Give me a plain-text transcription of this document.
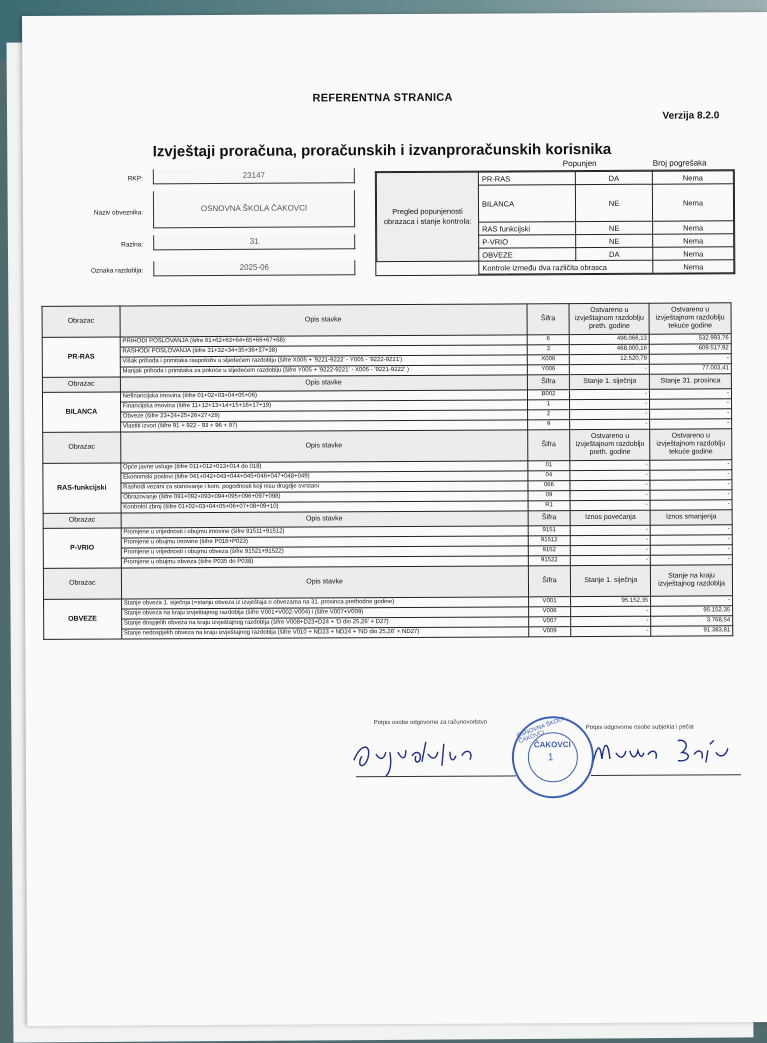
REFERENTNA STRANICA
Verzija 8.2.0
Izvještaji proračuna, proračunskih i izvanproračunskih korisnika
RKP:	23147
Naziv obveznika:	OSNOVNA ŠKOLA ČAKOVCI
Razina:	31
Oznaka razdoblja:	2025-06
Popunjen	Broj pogrešaka
Pregled popunjenosti obrazaca i stanje kontrola:	PR-RAS	DA	Nema
	BILANCA	NE	Nema
	RAS funkcijski	NE	Nema
	P-VRIO	NE	Nema
	OBVEZE	DA	Nema
	Kontrole između dva različita obrasca		Nema
Obrazac	Opis stavke	Šifra	Ostvareno u izvještajnom razdoblju preth. godine	Ostvareno u izvještajnom razdoblju tekuće godine
PR-RAS	PRIHODI POSLOVANJA (šifre 61+62+63+64+65+66+67+68)	6	496.066,13	532.993,76
	RASHODI POSLOVANJA (šifre 31+32+34+35+36+37+38)	3	468.000,16	609.517,92
	Višak prihoda i primitaka raspoloživ u sljedećem razdoblju (šifre X005 + '9221-9222' - Y005 - '9222-9221')	X006	12.520,79	-
	Manjak prihoda i primitaka za pokriće u sljedećem razdoblju (šifre Y005 + '9222-9221' - X005 - '9221-9222' )	Y006	-	77.003,41
Obrazac	Opis stavke	Šifra	Stanje 1. siječnja	Stanje 31. prosinca
BILANCA	Nefinancijska imovina (šifre 01+02+03+04+05+06)	B002	-	-
	Financijska imovina (šifre 11+12+13+14+15+16+17+19)	1	-	-
	Obveze (šifre 23+24+25+26+27+29)	2	-	-
	Vlastiti izvori (šifre 91 + 922 - 93 + 96 + 97)	9	-	-
Obrazac	Opis stavke	Šifra	Ostvareno u izvještajnom razdoblju preth. godine	Ostvareno u izvještajnom razdoblju tekuće godine
RAS-funkcijski	Opće javne usluge (šifre 011+012+013+014 do 018)	01	-	-
	Ekonomski poslovi (šifre 041+042+043+044+045+046+047+048+049)	04	-	-
	Rashodi vezani za stanovanje i kom. pogodnosti koji nisu drugdje svrstani	066	-	-
	Obrazovanje (šifre 091+092+093+094+095+096+097+098)	09	-	-
	Kontrolni zbroj (šifre 01+02+03+04+05+06+07+08+09+10)	R1	-	-
Obrazac	Opis stavke	Šifra	Iznos povećanja	Iznos smanjenja
P-VRIO	Promjene u vrijednosti i obujmu imovine (šifre 91511+91512)	9151	-	-
	Promjene u obujmu imovine (šifre P016+P023)	91512	-	-
	Promjene u vrijednosti i obujmu obveza (šifre 91521+91522)	9152	-	-
	Promjene u obujmu obveza (šifre P035 do P038)	91522	-	-
Obrazac	Opis stavke	Šifra	Stanje 1. siječnja	Stanje na kraju izvještajnog razdoblja
OBVEZE	Stanje obveza 1. siječnja (=stanju obveza iz izvještaja o obvezama na 31. prosinca prethodne godine)	V001	95.152,35	-
	Stanje obveza na kraju izvještajnog razdoblja (šifre V001+V002-V004) i (šifre V007+V009)	V006	-	95.152,35
	Stanje dospjelih obveza na kraju izvještajnog razdoblja (šifre V008+D23+D24 + 'D dio 25,26' + D27)	V007	-	3.768,54
	Stanje nedospjelih obveza na kraju izvještajnog razdoblja (šifre V010 + ND23 + ND24 + 'ND dio 25,26' + ND27)	V009	-	91.383,81
Potpis osobe odgovorne za računovodstvo
Potpis odgovorne osobe subjekta i pečat
OSNOVNA ŠKOLA ČAKOVCI
ČAKOVCI
1
